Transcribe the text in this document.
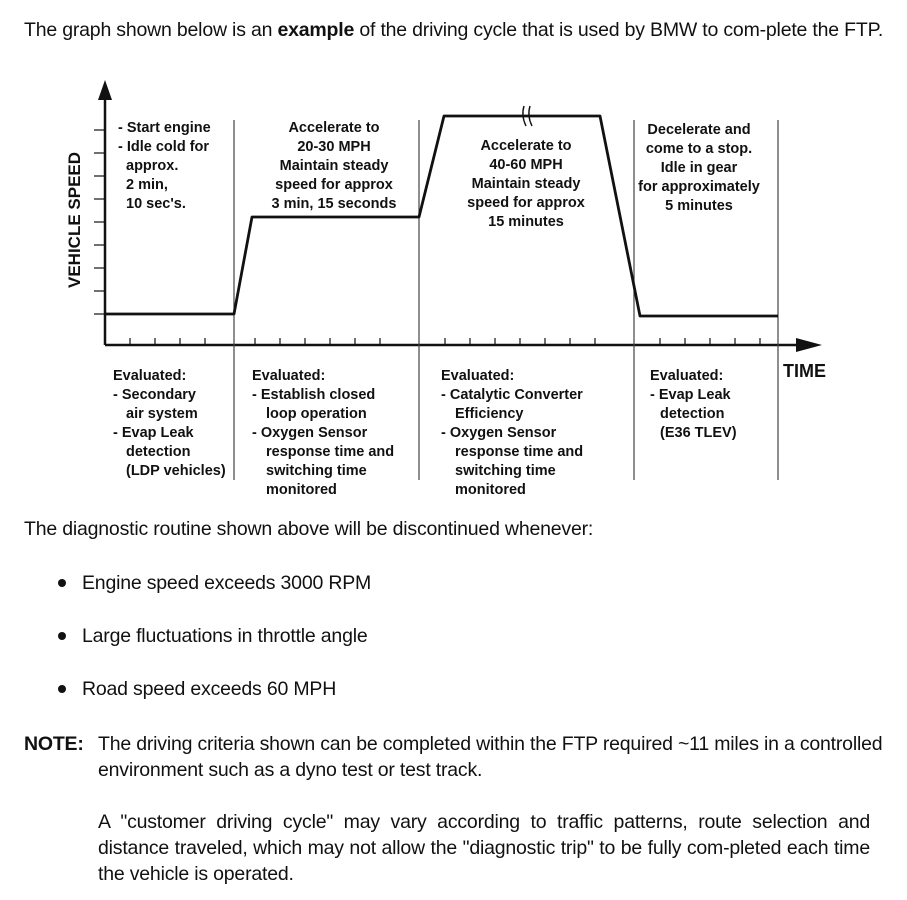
The graph shown below is an example of the driving cycle that is used by BMW to com-plete the FTP.
VEHICLE SPEED
TIME
- Start engine
- Idle cold for
approx.
2 min,
10 sec's.
Accelerate to
20-30 MPH
Maintain steady
speed for approx
3 min, 15 seconds
Accelerate to
40-60 MPH
Maintain steady
speed for approx
15 minutes
Decelerate and
come to a stop.
Idle in gear
for approximately
5 minutes
Evaluated:
- Secondary
air system
- Evap Leak
detection
(LDP vehicles)
Evaluated:
- Establish closed
loop operation
- Oxygen Sensor
response time and
switching time
monitored
Evaluated:
- Catalytic Converter
Efficiency
- Oxygen Sensor
response time and
switching time
monitored
Evaluated:
- Evap Leak
detection
(E36 TLEV)
The diagnostic routine shown above will be discontinued whenever:
Engine speed exceeds 3000 RPM
Large fluctuations in throttle angle
Road speed exceeds 60 MPH
NOTE: The driving criteria shown can be completed within the FTP required ~11 miles in a controlled environment such as a dyno test or test track.
A "customer driving cycle" may vary according to traffic patterns, route selection and distance traveled, which may not allow the "diagnostic trip" to be fully com-pleted each time the vehicle is operated.
